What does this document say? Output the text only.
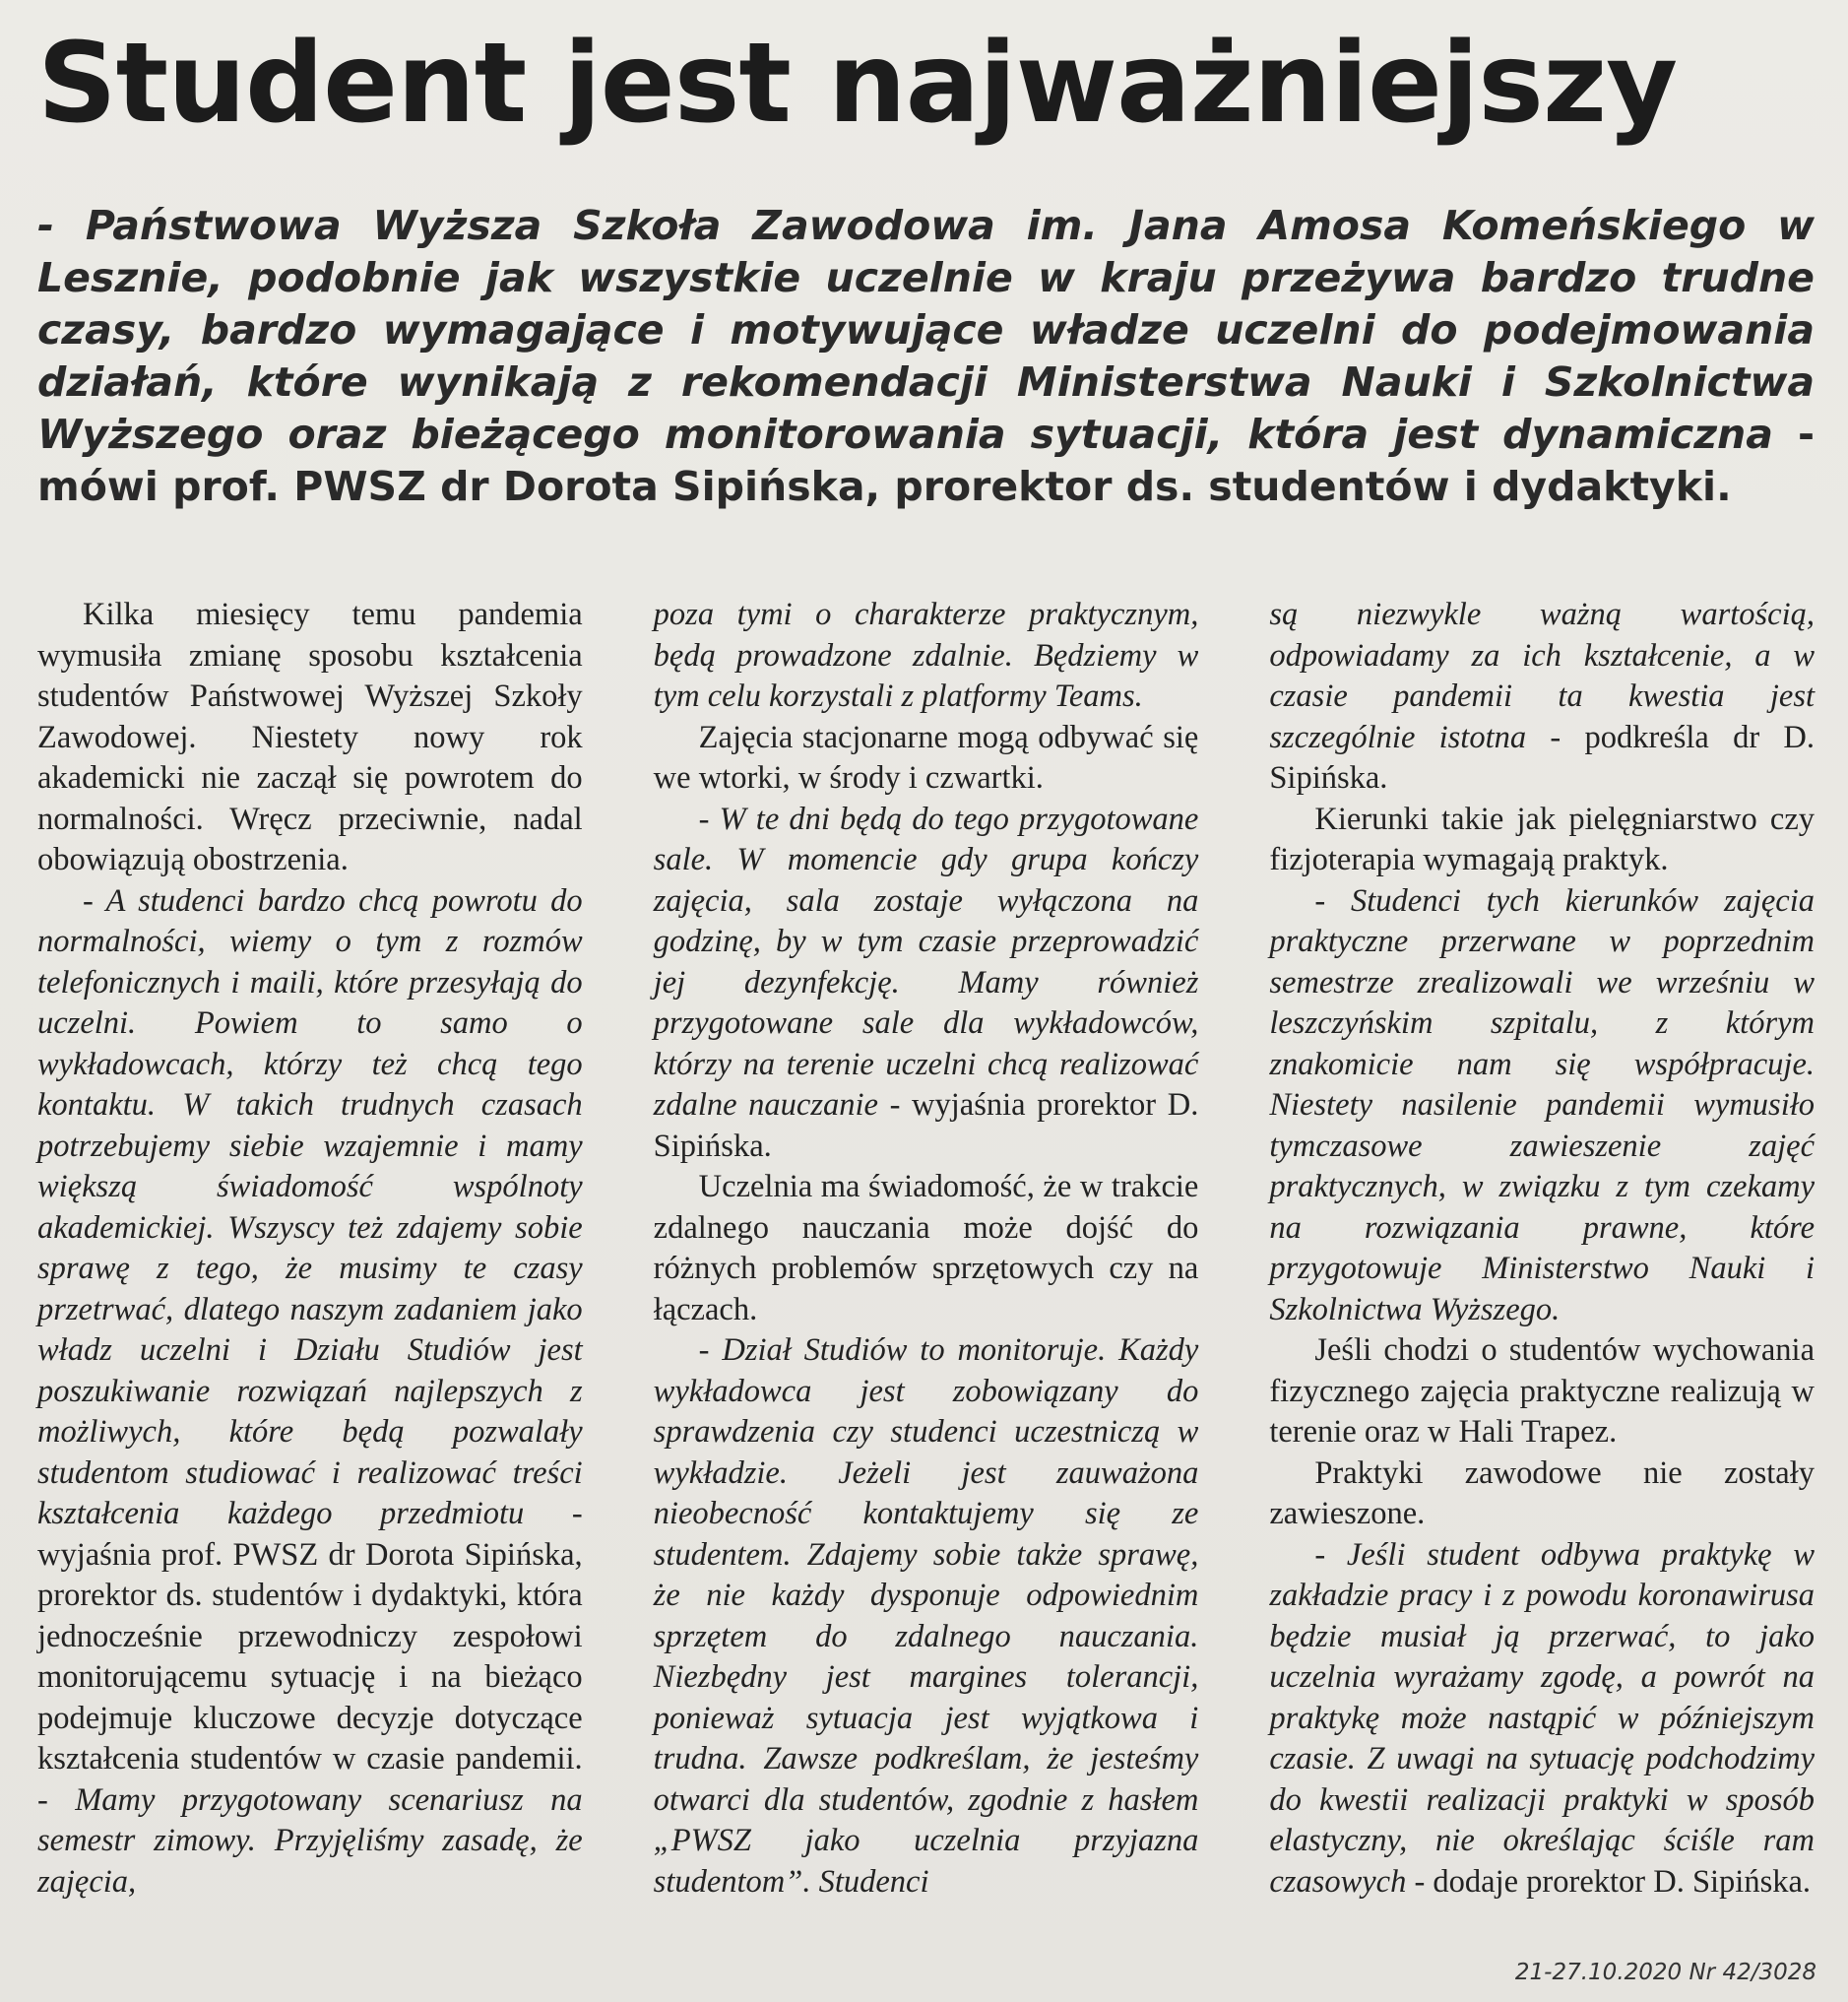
Student jest najważniejszy

- Państwowa Wyższa Szkoła Zawodowa im. Jana Amosa Komeńskiego w Lesznie, podobnie jak wszystkie uczelnie w kraju przeżywa bardzo trudne czasy, bardzo wymagające i motywujące władze uczelni do podejmowania działań, które wynikają z rekomendacji Ministerstwa Nauki i Szkolnictwa Wyższego oraz bieżącego monitorowania sytuacji, która jest dynamiczna - mówi prof. PWSZ dr Dorota Sipińska, prorektor ds. studentów i dydaktyki.

Kilka miesięcy temu pandemia wymusiła zmianę sposobu kształcenia studentów Państwowej Wyższej Szkoły Zawodowej. Niestety nowy rok akademicki nie zaczął się powrotem do normalności. Wręcz przeciwnie, nadal obowiązują obostrzenia.

- A studenci bardzo chcą powrotu do normalności, wiemy o tym z rozmów telefonicznych i maili, które przesyłają do uczelni. Powiem to samo o wykładowcach, którzy też chcą tego kontaktu. W takich trudnych czasach potrzebujemy siebie wzajemnie i mamy większą świadomość wspólnoty akademickiej. Wszyscy też zdajemy sobie sprawę z tego, że musimy te czasy przetrwać, dlatego naszym zadaniem jako władz uczelni i Działu Studiów jest poszukiwanie rozwiązań najlepszych z możliwych, które będą pozwalały studentom studiować i realizować treści kształcenia każdego przedmiotu - wyjaśnia prof. PWSZ dr Dorota Sipińska, prorektor ds. studentów i dydaktyki, która jednocześnie przewodniczy zespołowi monitorującemu sytuację i na bieżąco podejmuje kluczowe decyzje dotyczące kształcenia studentów w czasie pandemii. - Mamy przygotowany scenariusz na semestr zimowy. Przyjęliśmy zasadę, że zajęcia,

poza tymi o charakterze praktycznym, będą prowadzone zdalnie. Będziemy w tym celu korzystali z platformy Teams.

Zajęcia stacjonarne mogą odbywać się we wtorki, w środy i czwartki.

- W te dni będą do tego przygotowane sale. W momencie gdy grupa kończy zajęcia, sala zostaje wyłączona na godzinę, by w tym czasie przeprowadzić jej dezynfekcję. Mamy również przygotowane sale dla wykładowców, którzy na terenie uczelni chcą realizować zdalne nauczanie - wyjaśnia prorektor D. Sipińska.

Uczelnia ma świadomość, że w trakcie zdalnego nauczania może dojść do różnych problemów sprzętowych czy na łączach.

- Dział Studiów to monitoruje. Każdy wykładowca jest zobowiązany do sprawdzenia czy studenci uczestniczą w wykładzie. Jeżeli jest zauważona nieobecność kontaktujemy się ze studentem. Zdajemy sobie także sprawę, że nie każdy dysponuje odpowiednim sprzętem do zdalnego nauczania. Niezbędny jest margines tolerancji, ponieważ sytuacja jest wyjątkowa i trudna. Zawsze podkreślam, że jesteśmy otwarci dla studentów, zgodnie z hasłem „PWSZ jako uczelnia przyjazna studentom”. Studenci

są niezwykle ważną wartością, odpowiadamy za ich kształcenie, a w czasie pandemii ta kwestia jest szczególnie istotna - podkreśla dr D. Sipińska.

Kierunki takie jak pielęgniarstwo czy fizjoterapia wymagają praktyk.

- Studenci tych kierunków zajęcia praktyczne przerwane w poprzednim semestrze zrealizowali we wrześniu w leszczyńskim szpitalu, z którym znakomicie nam się współpracuje. Niestety nasilenie pandemii wymusiło tymczasowe zawieszenie zajęć praktycznych, w związku z tym czekamy na rozwiązania prawne, które przygotowuje Ministerstwo Nauki i Szkolnictwa Wyższego.

Jeśli chodzi o studentów wychowania fizycznego zajęcia praktyczne realizują w terenie oraz w Hali Trapez.

Praktyki zawodowe nie zostały zawieszone.

- Jeśli student odbywa praktykę w zakładzie pracy i z powodu koronawirusa będzie musiał ją przerwać, to jako uczelnia wyrażamy zgodę, a powrót na praktykę może nastąpić w późniejszym czasie. Z uwagi na sytuację podchodzimy do kwestii realizacji praktyki w sposób elastyczny, nie określając ściśle ram czasowych - dodaje prorektor D. Sipińska.

21-27.10.2020 Nr 42/3028
